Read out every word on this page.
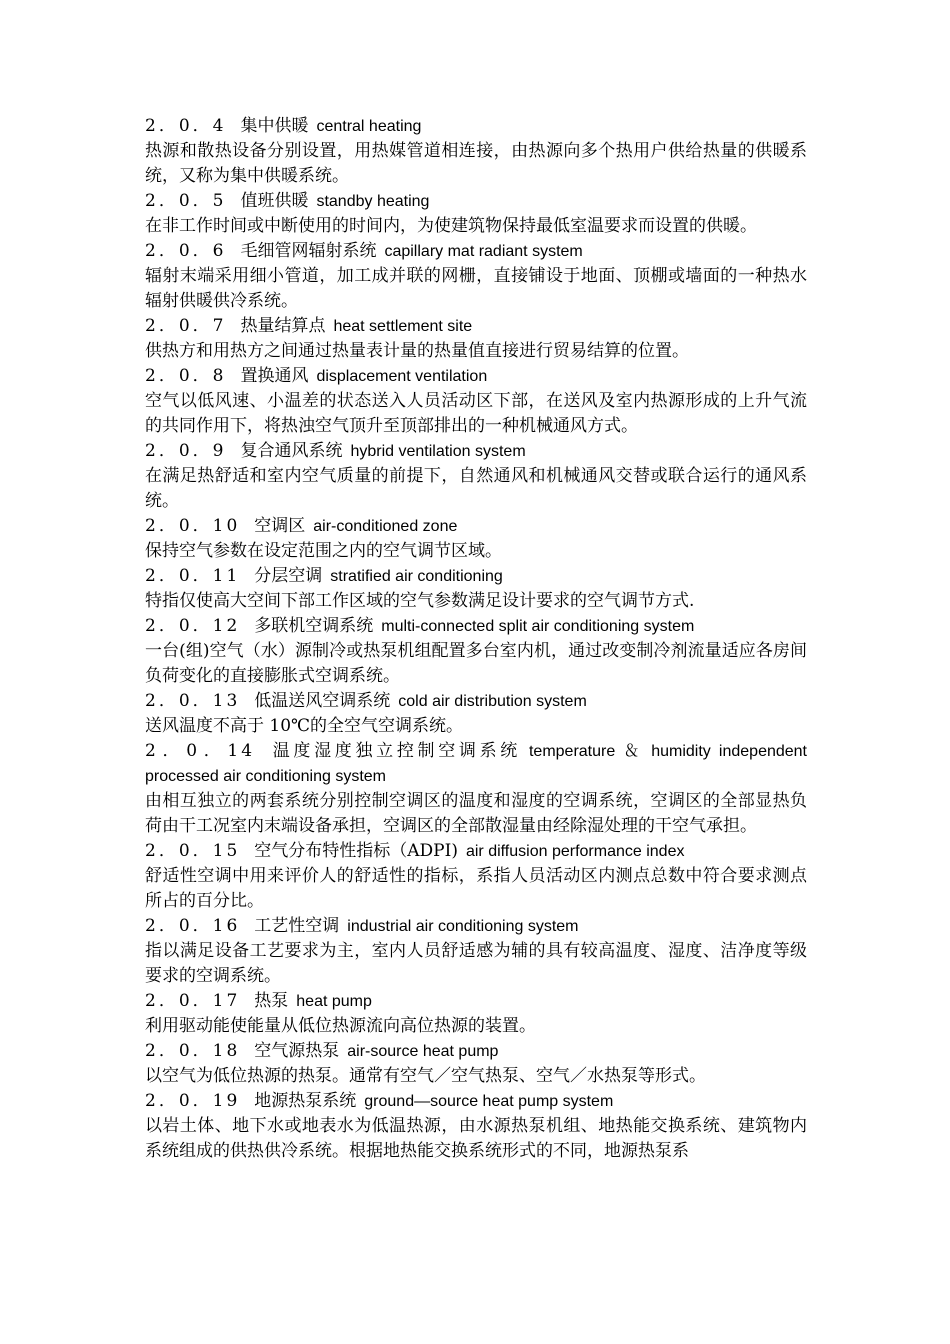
2．0．4 集中供暖 central heating
热源和散热设备分别设置，用热媒管道相连接，由热源向多个热用户供给热量的供暖系统，又称为集中供暖系统。
2．0．5 值班供暖 standby heating
在非工作时间或中断使用的时间内，为使建筑物保持最低室温要求而设置的供暖。
2．0．6 毛细管网辐射系统 capillary mat radiant system
辐射末端采用细小管道，加工成并联的网栅，直接铺设于地面、顶棚或墙面的一种热水辐射供暖供冷系统。
2．0．7 热量结算点 heat settlement site
供热方和用热方之间通过热量表计量的热量值直接进行贸易结算的位置。
2．0．8 置换通风 displacement ventilation
空气以低风速、小温差的状态送入人员活动区下部，在送风及室内热源形成的上升气流的共同作用下，将热浊空气顶升至顶部排出的一种机械通风方式。
2．0．9 复合通风系统 hybrid ventilation system
在满足热舒适和室内空气质量的前提下，自然通风和机械通风交替或联合运行的通风系统。
2．0．10 空调区 air-conditioned zone
保持空气参数在设定范围之内的空气调节区域。
2．0．11 分层空调 stratified air conditioning
特指仅使高大空间下部工作区域的空气参数满足设计要求的空气调节方式.
2．0．12 多联机空调系统 multi-connected split air conditioning system
一台(组)空气（水）源制冷或热泵机组配置多台室内机，通过改变制冷剂流量适应各房间负荷变化的直接膨胀式空调系统。
2．0．13 低温送风空调系统 cold air distribution system
送风温度不高于 10℃的全空气空调系统。
2．0．14 温度湿度独立控制空调系统 temperature ＆ humidity independent processed air conditioning system
由相互独立的两套系统分别控制空调区的温度和湿度的空调系统，空调区的全部显热负荷由干工况室内末端设备承担，空调区的全部散湿量由经除湿处理的干空气承担。
2．0．15 空气分布特性指标（ADPI) air diffusion performance index
舒适性空调中用来评价人的舒适性的指标，系指人员活动区内测点总数中符合要求测点所占的百分比。
2．0．16 工艺性空调 industrial air conditioning system
指以满足设备工艺要求为主，室内人员舒适感为辅的具有较高温度、湿度、洁净度等级要求的空调系统。
2．0．17 热泵 heat pump
利用驱动能使能量从低位热源流向高位热源的装置。
2．0．18 空气源热泵 air-source heat pump
以空气为低位热源的热泵。通常有空气／空气热泵、空气／水热泵等形式。
2．0．19 地源热泵系统 ground—source heat pump system
以岩土体、地下水或地表水为低温热源，由水源热泵机组、地热能交换系统、建筑物内系统组成的供热供冷系统。根据地热能交换系统形式的不同，地源热泵系
